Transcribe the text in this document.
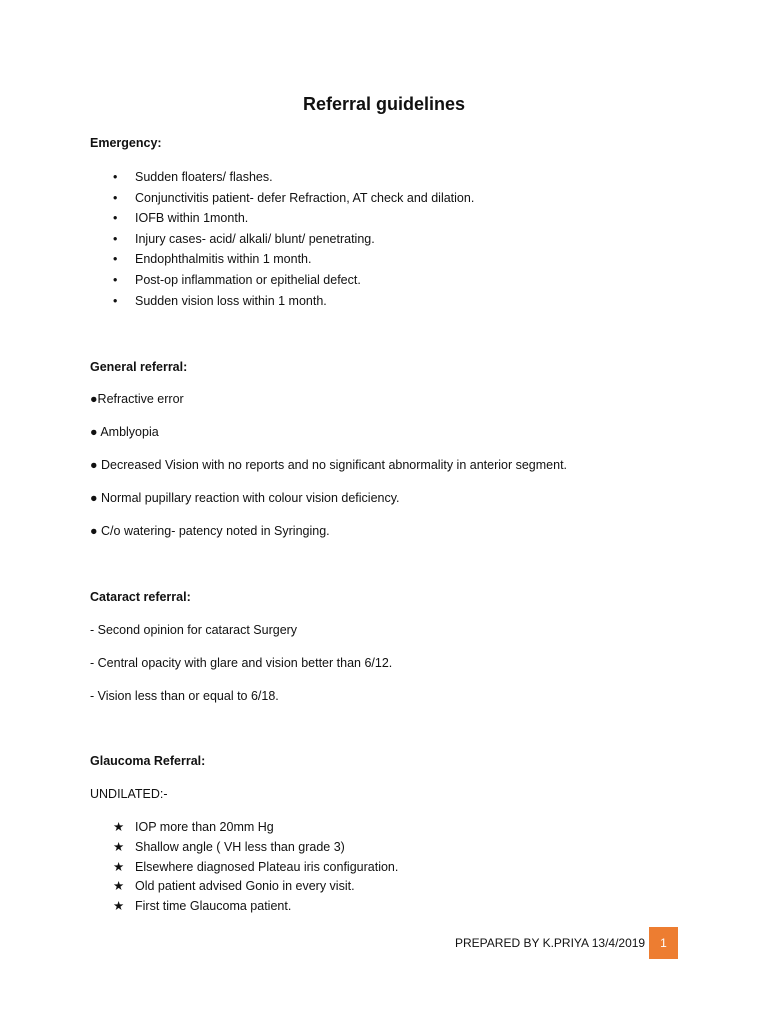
Referral guidelines
Emergency:
• Sudden floaters/ flashes.
• Conjunctivitis patient- defer Refraction, AT check and dilation.
• IOFB within 1month.
• Injury cases- acid/ alkali/ blunt/ penetrating.
• Endophthalmitis within 1 month.
• Post-op inflammation or epithelial defect.
• Sudden vision loss within 1 month.
General referral:
●Refractive error
● Amblyopia
● Decreased Vision with no reports and no significant abnormality in anterior segment.
● Normal pupillary reaction with colour vision deficiency.
● C/o watering- patency noted in Syringing.
Cataract referral:
- Second opinion for cataract Surgery
- Central opacity with glare and vision better than 6/12.
- Vision less than or equal to 6/18.
Glaucoma Referral:
UNDILATED:-
★ IOP more than 20mm Hg
★ Shallow angle ( VH less than grade 3)
★ Elsewhere diagnosed Plateau iris configuration.
★ Old patient advised Gonio in every visit.
★ First time Glaucoma patient.
PREPARED BY K.PRIYA 13/4/2019	1
